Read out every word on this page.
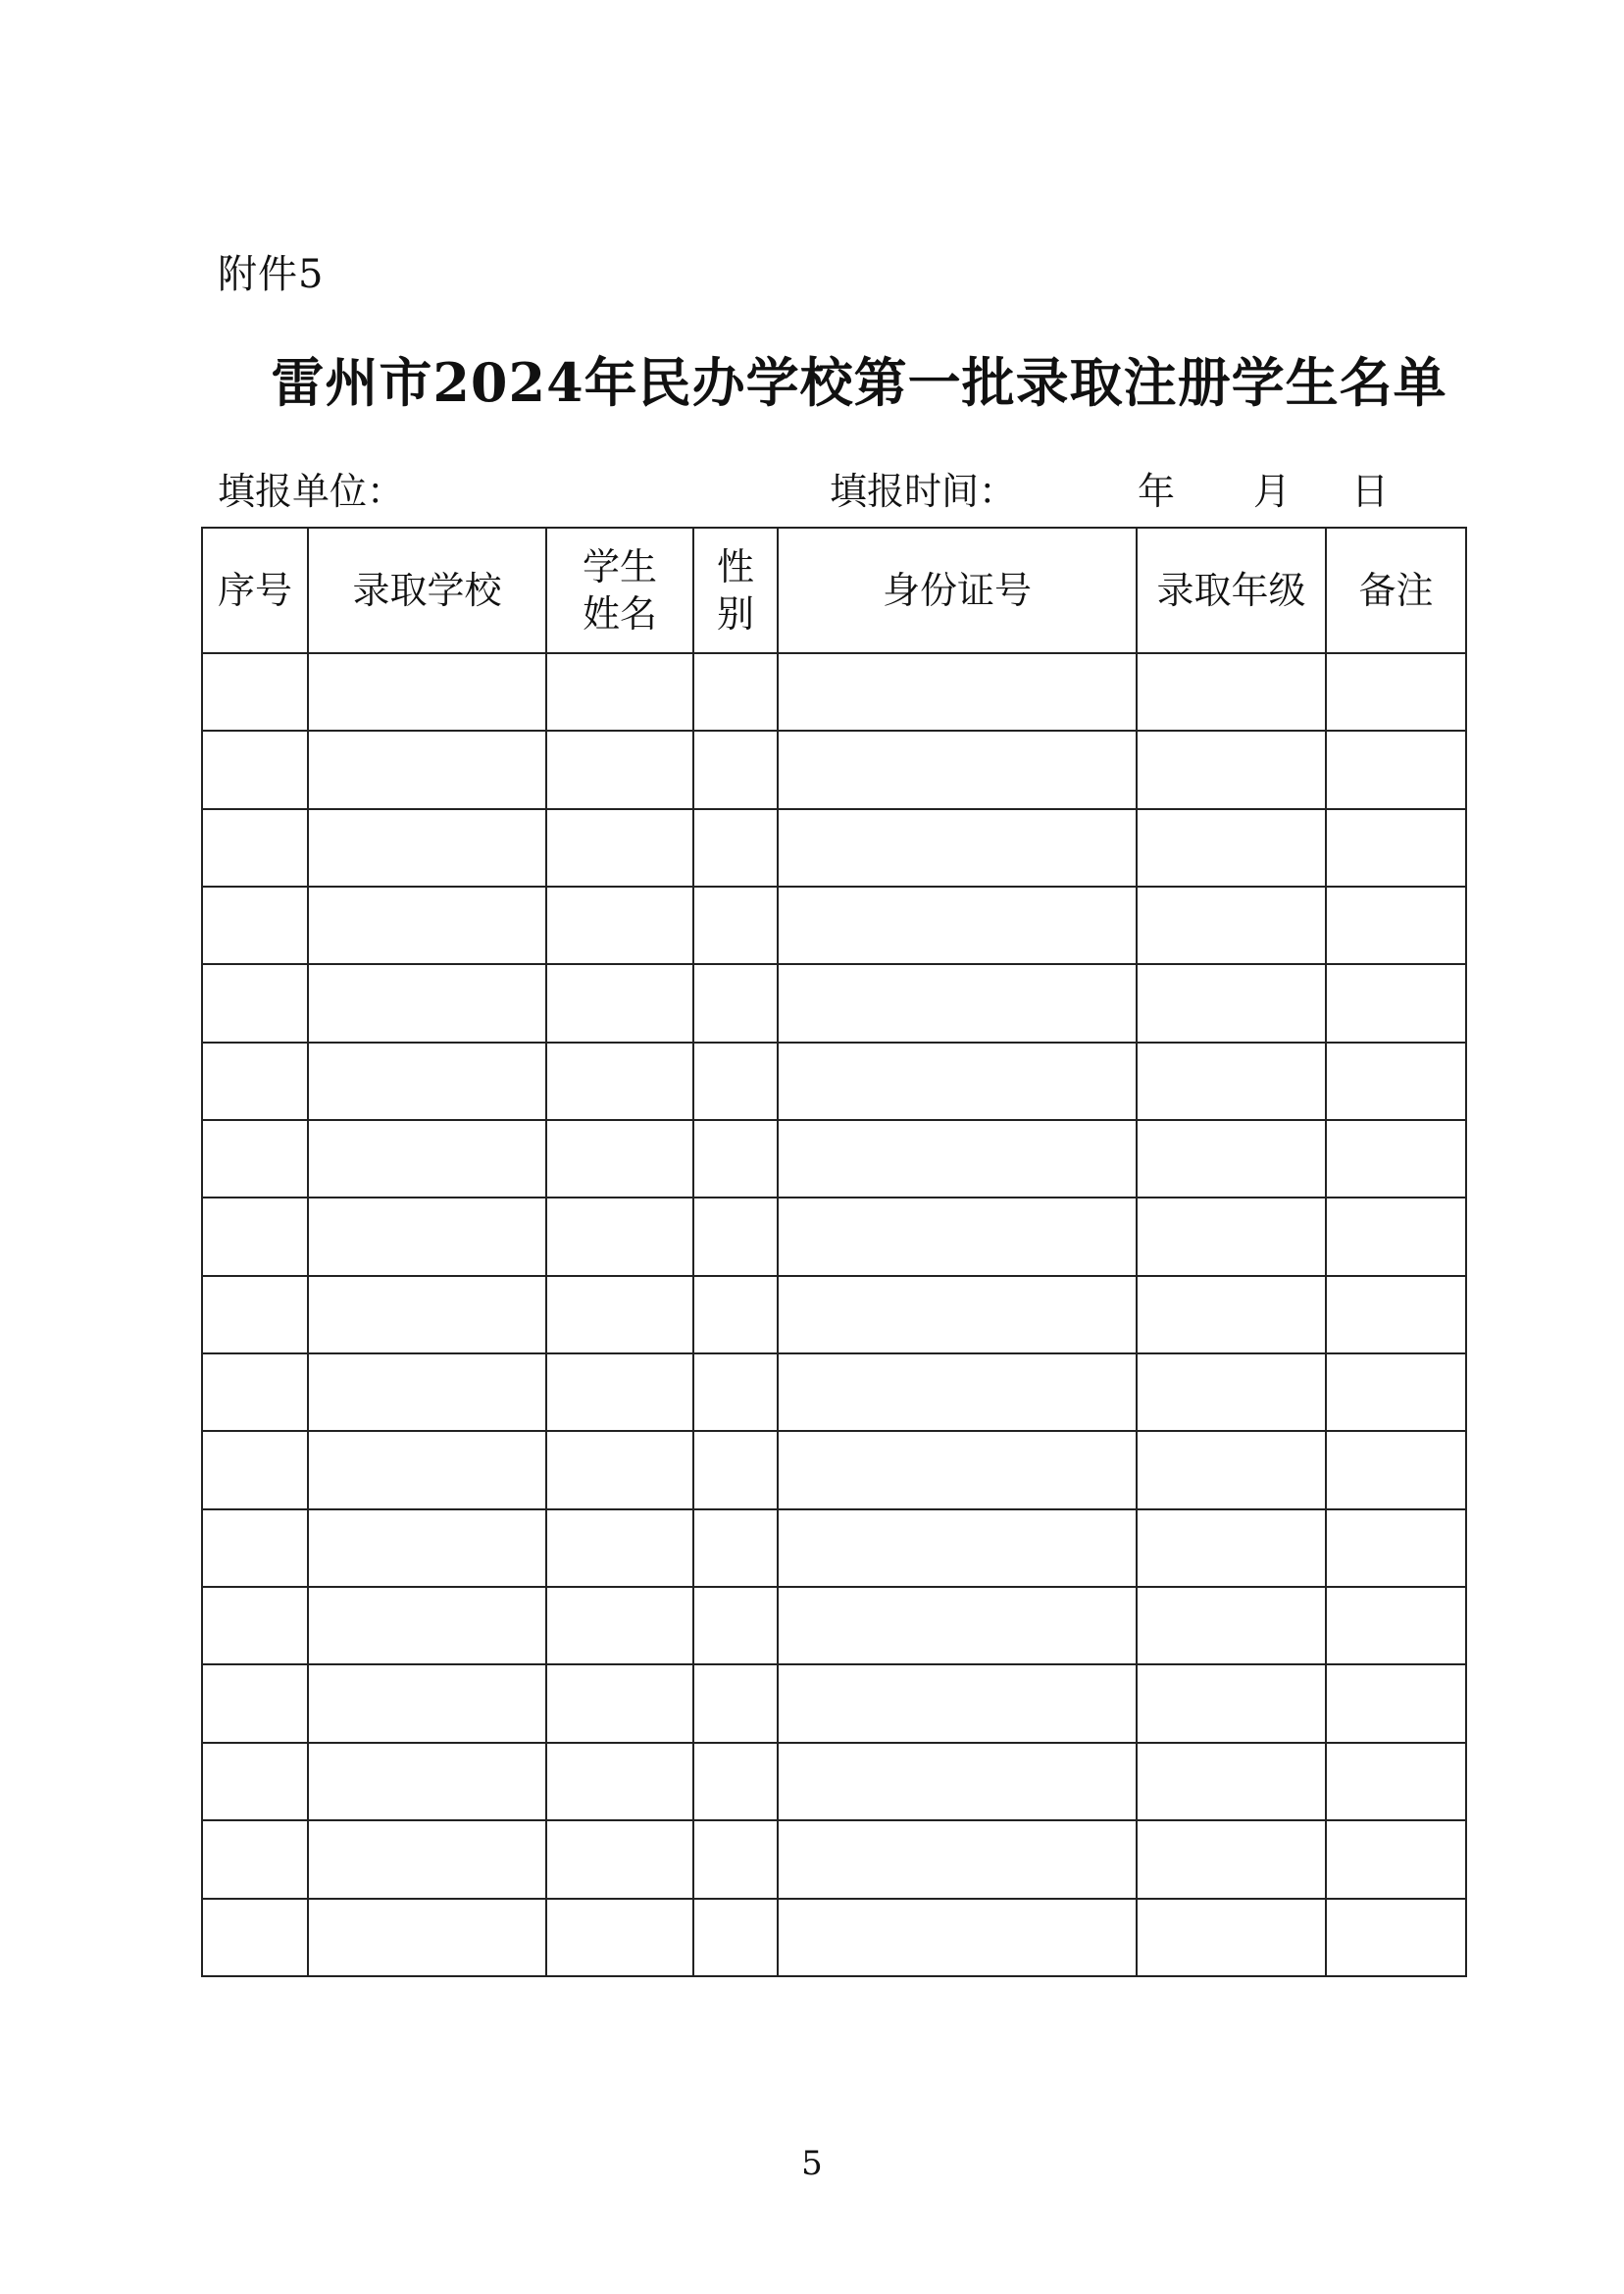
附件5
雷州市2024年民办学校第一批录取注册学生名单
填报单位：	填报时间：	年 月 日
序号	录取学校	学生姓名	性别	身份证号	录取年级	备注

5
